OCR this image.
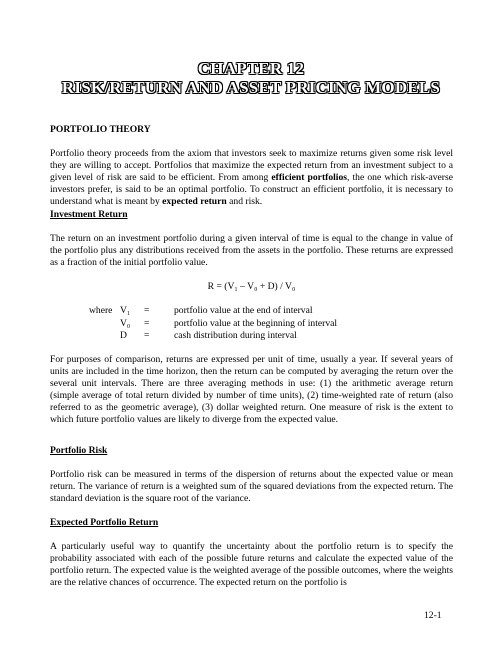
CHAPTER 12
RISK/RETURN AND ASSET PRICING MODELS
PORTFOLIO THEORY
Portfolio theory proceeds from the axiom that investors seek to maximize returns given some risk level they are willing to accept. Portfolios that maximize the expected return from an investment subject to a given level of risk are said to be efficient. From among efficient portfolios, the one which risk-averse investors prefer, is said to be an optimal portfolio. To construct an efficient portfolio, it is necessary to understand what is meant by expected return and risk.
Investment Return
The return on an investment portfolio during a given interval of time is equal to the change in value of the portfolio plus any distributions received from the assets in the portfolio. These returns are expressed as a fraction of the initial portfolio value.
R = (V₁ – V₀ + D) / V₀
where V₁ =	portfolio value at the end of interval
V₀ =	portfolio value at the beginning of interval
D =	cash distribution during interval
For purposes of comparison, returns are expressed per unit of time, usually a year. If several years of units are included in the time horizon, then the return can be computed by averaging the return over the several unit intervals. There are three averaging methods in use: (1) the arithmetic average return (simple average of total return divided by number of time units), (2) time-weighted rate of return (also referred to as the geometric average), (3) dollar weighted return. One measure of risk is the extent to which future portfolio values are likely to diverge from the expected value.
Portfolio Risk
Portfolio risk can be measured in terms of the dispersion of returns about the expected value or mean return. The variance of return is a weighted sum of the squared deviations from the expected return. The standard deviation is the square root of the variance.
Expected Portfolio Return
A particularly useful way to quantify the uncertainty about the portfolio return is to specify the probability associated with each of the possible future returns and calculate the expected value of the portfolio return. The expected value is the weighted average of the possible outcomes, where the weights are the relative chances of occurrence. The expected return on the portfolio is
12-1
